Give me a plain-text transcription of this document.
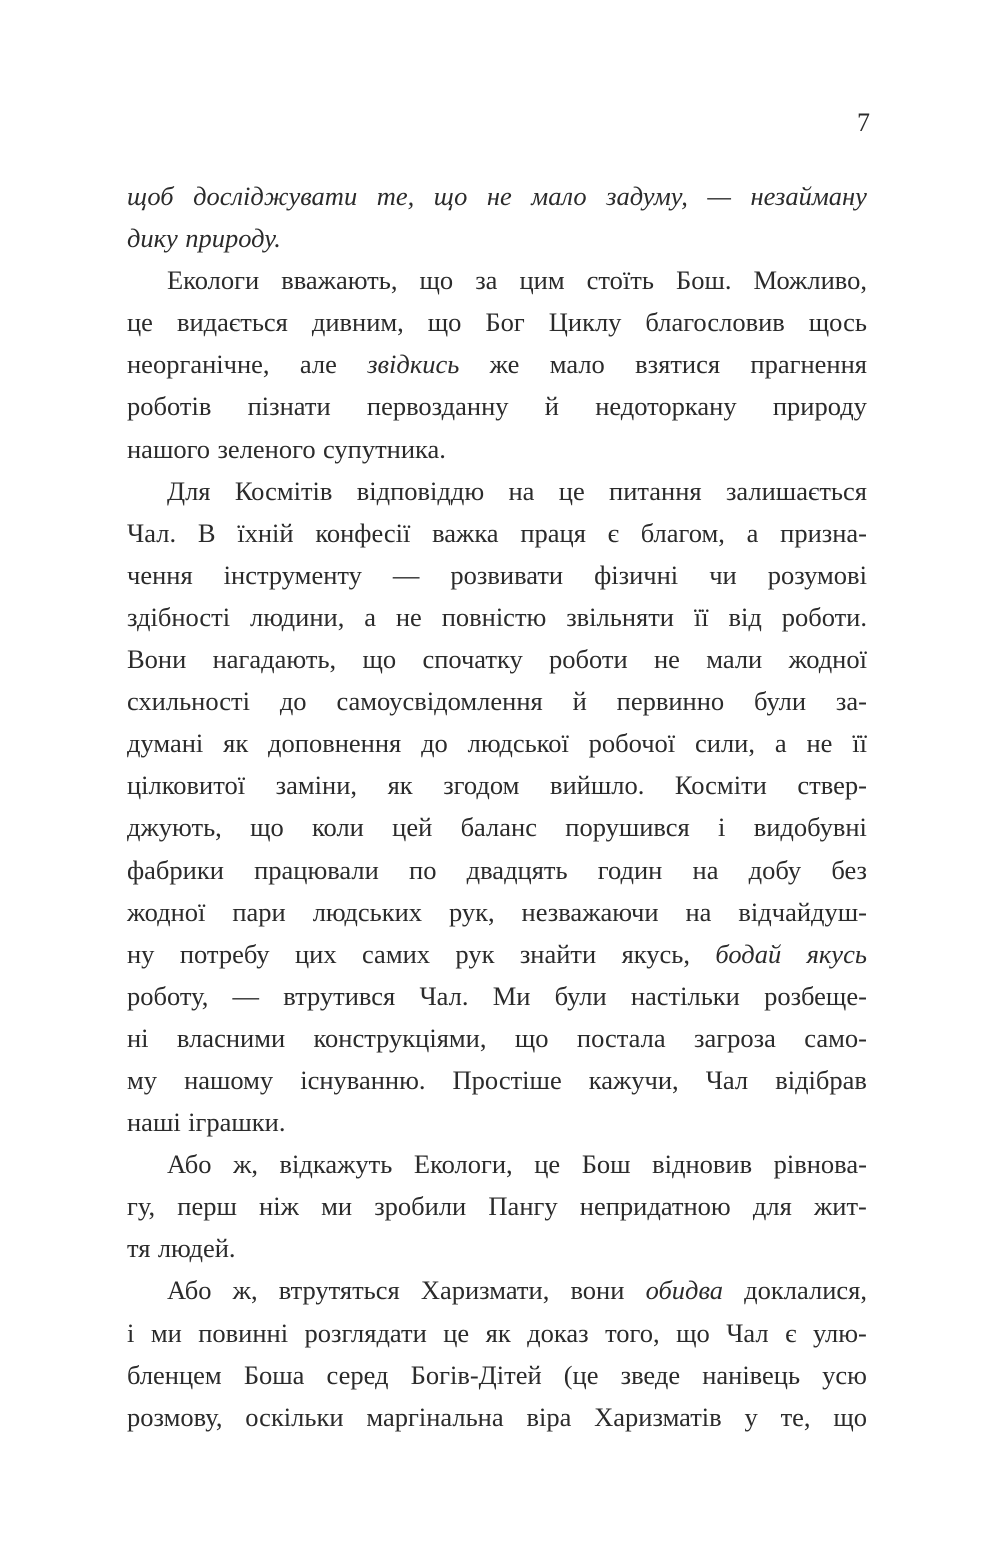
7
щоб досліджувати те, що не мало задуму, — незайману
дику природу.
Екологи вважають, що за цим стоїть Бош. Можливо,
це видається дивним, що Бог Циклу благословив щось
неорганічне, але звідкись же мало взятися прагнення
роботів пізнати первозданну й недоторкану природу
нашого зеленого супутника.
Для Космітів відповіддю на це питання залишається
Чал. В їхній конфесії важка праця є благом, а призна-
чення інструменту — розвивати фізичні чи розумові
здібності людини, а не повністю звільняти її від роботи.
Вони нагадають, що спочатку роботи не мали жодної
схильності до самоусвідомлення й первинно були за-
думані як доповнення до людської робочої сили, а не її
цілковитої заміни, як згодом вийшло. Косміти ствер-
джують, що коли цей баланс порушився і видобувні
фабрики працювали по двадцять годин на добу без
жодної пари людських рук, незважаючи на відчайдуш-
ну потребу цих самих рук знайти якусь, бодай якусь
роботу, — втрутився Чал. Ми були настільки розбеще-
ні власними конструкціями, що постала загроза само-
му нашому існуванню. Простіше кажучи, Чал відібрав
наші іграшки.
Або ж, відкажуть Екологи, це Бош відновив рівнова-
гу, перш ніж ми зробили Пангу непридатною для жит-
тя людей.
Або ж, втрутяться Харизмати, вони обидва доклалися,
і ми повинні розглядати це як доказ того, що Чал є улю-
бленцем Боша серед Богів-Дітей (це зведе нанівець усю
розмову, оскільки маргінальна віра Харизматів у те, що
